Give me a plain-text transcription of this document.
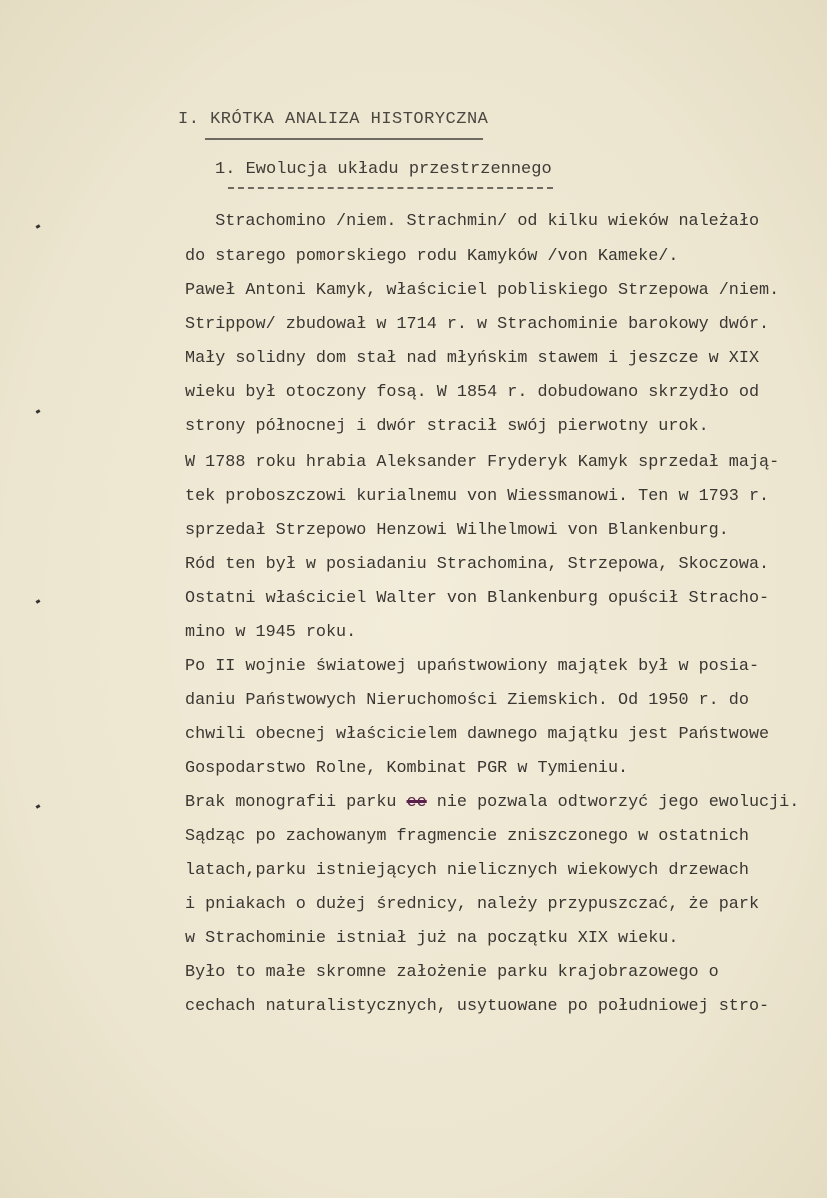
I. KRÓTKA ANALIZA HISTORYCZNA
1. Ewolucja układu przestrzennego
Strachomino /niem. Strachmin/ od kilku wieków należało
do starego pomorskiego rodu Kamyków /von Kameke/.
Paweł Antoni Kamyk, właściciel pobliskiego Strzepowa /niem.
Strippow/ zbudował w 1714 r. w Strachominie barokowy dwór.
Mały solidny dom stał nad młyńskim stawem i jeszcze w XIX
wieku był otoczony fosą. W 1854 r. dobudowano skrzydło od
strony północnej i dwór stracił swój pierwotny urok.
W 1788 roku hrabia Aleksander Fryderyk Kamyk sprzedał mają-
tek proboszczowi kurialnemu von Wiessmanowi. Ten w 1793 r.
sprzedał Strzepowo Henzowi Wilhelmowi von Blankenburg.
Ród ten był w posiadaniu Strachomina, Strzepowa, Skoczowa.
Ostatni właściciel Walter von Blankenburg opuścił Stracho-
mino w 1945 roku.
Po II wojnie światowej upaństwowiony majątek był w posia-
daniu Państwowych Nieruchomości Ziemskich. Od 1950 r. do
chwili obecnej właścicielem dawnego majątku jest Państwowe
Gospodarstwo Rolne, Kombinat PGR w Tymieniu.
Brak monografii parku ee nie pozwala odtworzyć jego ewolucji.
Sądząc po zachowanym fragmencie zniszczonego w ostatnich
latach,parku istniejących nielicznych wiekowych drzewach
i pniakach o dużej średnicy, należy przypuszczać, że park
w Strachominie istniał już na początku XIX wieku.
Było to małe skromne założenie parku krajobrazowego o
cechach naturalistycznych, usytuowane po południowej stro-
